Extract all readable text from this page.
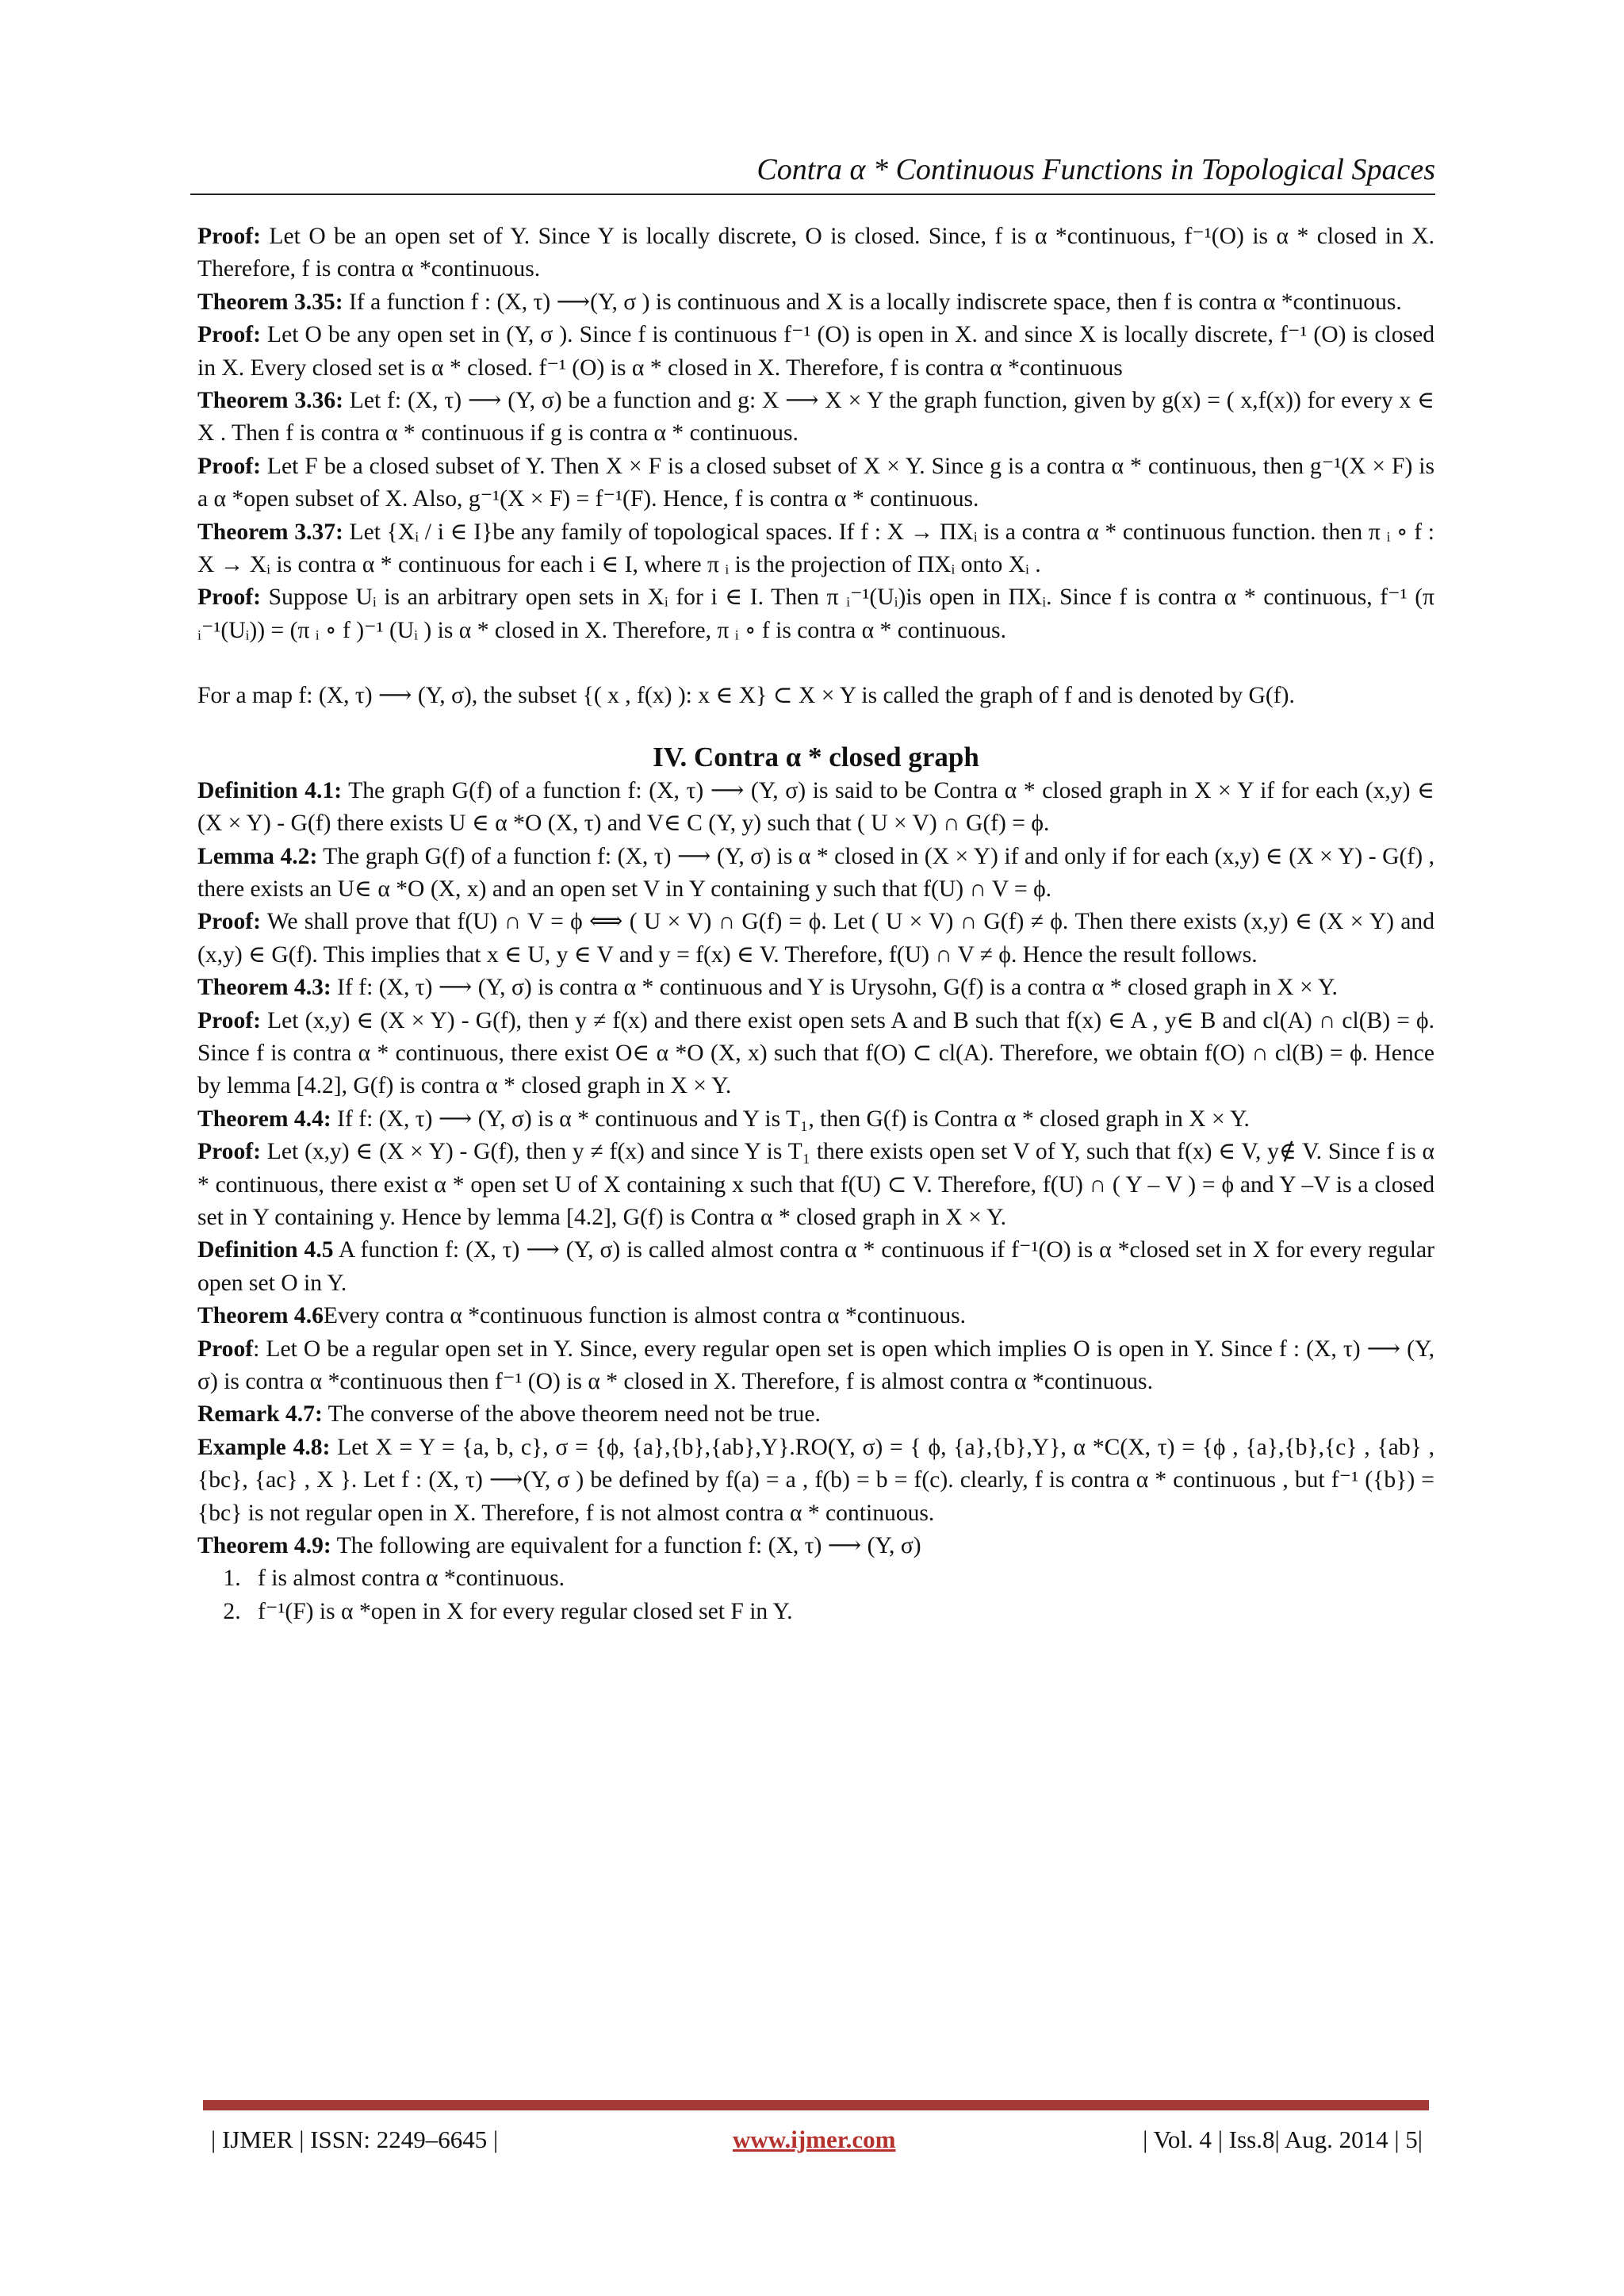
Contra α * Continuous Functions in Topological Spaces

Proof: Let O be an open set of Y. Since Y is locally discrete, O is closed. Since, f is α *continuous, f⁻¹(O) is α * closed in X. Therefore, f is contra α *continuous.

Theorem 3.35: If a function f : (X, τ) ⟶(Y, σ ) is continuous and X is a locally indiscrete space, then f is contra α *continuous.

Proof: Let O be any open set in (Y, σ ). Since f is continuous f⁻¹ (O) is open in X. and since X is locally discrete, f⁻¹ (O) is closed in X. Every closed set is α * closed. f⁻¹ (O) is α * closed in X. Therefore, f is contra α *continuous

Theorem 3.36: Let f: (X, τ) ⟶ (Y, σ) be a function and g: X ⟶ X × Y the graph function, given by g(x) = ( x,f(x)) for every x ∈ X . Then f is contra α * continuous if g is contra α * continuous.

Proof: Let F be a closed subset of Y. Then X × F is a closed subset of X × Y. Since g is a contra α * continuous, then g⁻¹(X × F) is a α *open subset of X. Also, g⁻¹(X × F) = f⁻¹(F). Hence, f is contra α * continuous.

Theorem 3.37: Let {Xᵢ / i ∈ I}be any family of topological spaces. If f : X → ΠXᵢ is a contra α * continuous function. then π ᵢ ∘ f : X → Xᵢ is contra α * continuous for each i ∈ I, where π ᵢ is the projection of ΠXᵢ onto Xᵢ .

Proof: Suppose Uᵢ is an arbitrary open sets in Xᵢ for i ∈ I. Then π ᵢ⁻¹(Uᵢ)is open in ΠXᵢ. Since f is contra α * continuous, f⁻¹ (π ᵢ⁻¹(Uᵢ)) = (π ᵢ ∘ f )⁻¹ (Uᵢ ) is α * closed in X. Therefore, π ᵢ ∘ f is contra α * continuous.

For a map f: (X, τ) ⟶ (Y, σ), the subset {( x , f(x) ): x ∈ X} ⊂ X × Y is called the graph of f and is denoted by G(f).

IV. Contra α * closed graph

Definition 4.1: The graph G(f) of a function f: (X, τ) ⟶ (Y, σ) is said to be Contra α * closed graph in X × Y if for each (x,y) ∈ (X × Y) - G(f) there exists U ∈ α *O (X, τ) and V∈ C (Y, y) such that ( U × V) ∩ G(f) = ϕ.

Lemma 4.2: The graph G(f) of a function f: (X, τ) ⟶ (Y, σ) is α * closed in (X × Y) if and only if for each (x,y) ∈ (X × Y) - G(f) , there exists an U∈ α *O (X, x) and an open set V in Y containing y such that f(U) ∩ V = ϕ.

Proof: We shall prove that f(U) ∩ V = ϕ ⟺ ( U × V) ∩ G(f) = ϕ. Let ( U × V) ∩ G(f) ≠ ϕ. Then there exists (x,y) ∈ (X × Y) and (x,y) ∈ G(f). This implies that x ∈ U, y ∈ V and y = f(x) ∈ V. Therefore, f(U) ∩ V ≠ ϕ. Hence the result follows.

Theorem 4.3: If f: (X, τ) ⟶ (Y, σ) is contra α * continuous and Y is Urysohn, G(f) is a contra α * closed graph in X × Y.

Proof: Let (x,y) ∈ (X × Y) - G(f), then y ≠ f(x) and there exist open sets A and B such that f(x) ∈ A , y∈ B and cl(A) ∩ cl(B) = ϕ. Since f is contra α * continuous, there exist O∈ α *O (X, x) such that f(O) ⊂ cl(A). Therefore, we obtain f(O) ∩ cl(B) = ϕ. Hence by lemma [4.2], G(f) is contra α * closed graph in X × Y.

Theorem 4.4: If f: (X, τ) ⟶ (Y, σ) is α * continuous and Y is T₁, then G(f) is Contra α * closed graph in X × Y.

Proof: Let (x,y) ∈ (X × Y) - G(f), then y ≠ f(x) and since Y is T₁ there exists open set V of Y, such that f(x) ∈ V, y∉ V. Since f is α * continuous, there exist α * open set U of X containing x such that f(U) ⊂ V. Therefore, f(U) ∩ ( Y – V ) = ϕ and Y –V is a closed set in Y containing y. Hence by lemma [4.2], G(f) is Contra α * closed graph in X × Y.

Definition 4.5 A function f: (X, τ) ⟶ (Y, σ) is called almost contra α * continuous if f⁻¹(O) is α *closed set in X for every regular open set O in Y.

Theorem 4.6Every contra α *continuous function is almost contra α *continuous.

Proof: Let O be a regular open set in Y. Since, every regular open set is open which implies O is open in Y. Since f : (X, τ) ⟶ (Y, σ) is contra α *continuous then f⁻¹ (O) is α * closed in X. Therefore, f is almost contra α *continuous.

Remark 4.7: The converse of the above theorem need not be true.

Example 4.8: Let X = Y = {a, b, c}, σ = {ϕ, {a},{b},{ab},Y}.RO(Y, σ) = { ϕ, {a},{b},Y}, α *C(X, τ) = {ϕ , {a},{b},{c} , {ab} ,{bc}, {ac} , X }. Let f : (X, τ) ⟶(Y, σ ) be defined by f(a) = a , f(b) = b = f(c). clearly, f is contra α * continuous , but f⁻¹ ({b}) = {bc} is not regular open in X. Therefore, f is not almost contra α * continuous.

Theorem 4.9: The following are equivalent for a function f: (X, τ) ⟶ (Y, σ)

1. f is almost contra α *continuous.
2. f⁻¹(F) is α *open in X for every regular closed set F in Y.
| IJMER | ISSN: 2249–6645 |	www.ijmer.com	| Vol. 4 | Iss.8| Aug. 2014 | 5|
